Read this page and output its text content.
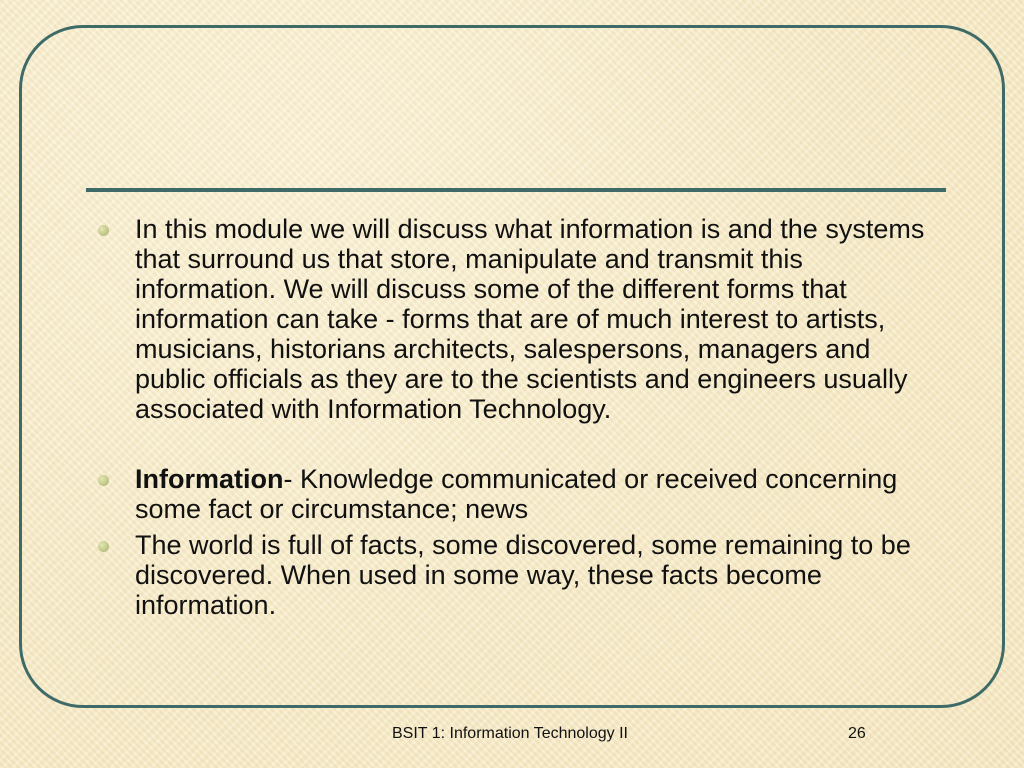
In this module we will discuss what information is and the systems that surround us that store, manipulate and transmit this information. We will discuss some of the different forms that information can take - forms that are of much interest to artists, musicians, historians architects, salespersons, managers and public officials as they are to the scientists and engineers usually associated with Information Technology.
Information- Knowledge communicated or received concerning some fact or circumstance; news
The world is full of facts, some discovered, some remaining to be discovered. When used in some way, these facts become information.
BSIT 1: Information Technology II	26
